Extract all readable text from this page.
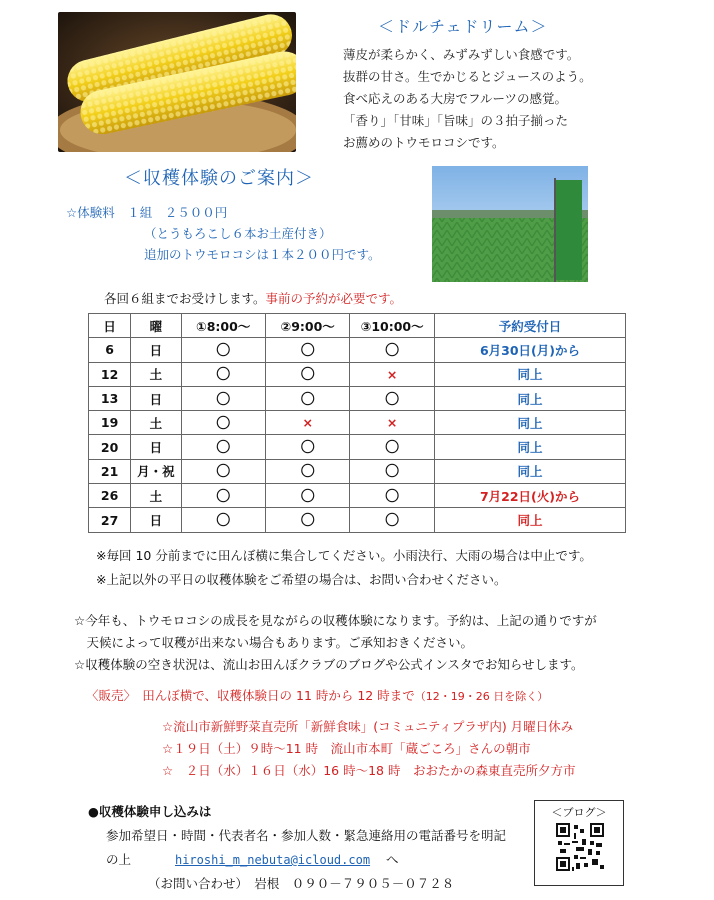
＜ドルチェドリーム＞
薄皮が柔らかく、みずみずしい食感です。
抜群の甘さ。生でかじるとジュースのよう。
食べ応えのある大房でフルーツの感覚。
「香り」「甘味」「旨味」の３拍子揃った
お薦めのトウモロコシです。
＜収穫体験のご案内＞
☆体験料　１組　２５００円
（とうもろこし６本お土産付き）
追加のトウモロコシは１本２００円です。
各回６組までお受けします。事前の予約が必要です。
日	曜	①8:00～	②9:00～	③10:00～	予約受付日
6	日	〇	〇	〇	6月30日(月)から
12	土	〇	〇	×	同上
13	日	〇	〇	〇	同上
19	土	〇	×	×	同上
20	日	〇	〇	〇	同上
21	月・祝	〇	〇	〇	同上
26	土	〇	〇	〇	7月22日(火)から
27	日	〇	〇	〇	同上
※毎回 10 分前までに田んぼ横に集合してください。小雨決行、大雨の場合は中止です。
※上記以外の平日の収穫体験をご希望の場合は、お問い合わせください。
☆今年も、トウモロコシの成長を見ながらの収穫体験になります。予約は、上記の通りですが
　天候によって収穫が出来ない場合もあります。ご承知おきください。
☆収穫体験の空き状況は、流山お田んぼクラブのブログや公式インスタでお知らせします。
〈販売〉　 田んぼ横で、収穫体験日の 11 時から 12 時まで（12・19・26 日を除く）
☆流山市新鮮野菜直売所「新鮮食味」(コミュニティプラザ内) 月曜日休み
☆１９日（土）９時～11 時　流山市本町「蔵ごころ」さんの朝市
☆　２日（水）１６日（水）16 時～18 時　おおたかの森東直売所夕方市
●収穫体験申し込みは
参加希望日・時間・代表者名・参加人数・緊急連絡用の電話番号を明記
の上	hiroshi_m_nebuta@icloud.com へ
（お問い合わせ）　岩根　０９０－７９０５－０７２８
＜ブログ＞
